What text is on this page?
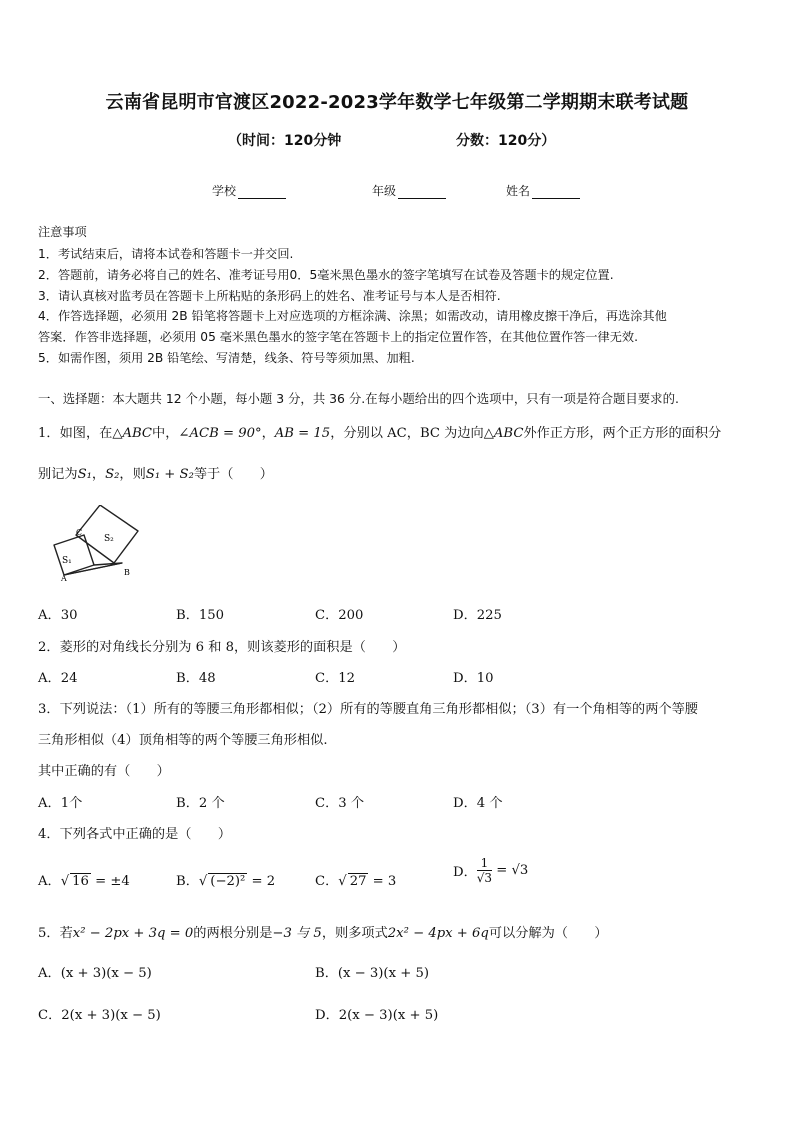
云南省昆明市官渡区2022-2023学年数学七年级第二学期期末联考试题
（时间：120分钟	分数：120分）
学校	年级	姓名
注意事项
1．考试结束后，请将本试卷和答题卡一并交回.
2．答题前，请务必将自己的姓名、准考证号用0．5毫米黑色墨水的签字笔填写在试卷及答题卡的规定位置.
3．请认真核对监考员在答题卡上所粘贴的条形码上的姓名、准考证号与本人是否相符.
4．作答选择题，必须用 2B 铅笔将答题卡上对应选项的方框涂满、涂黑；如需改动，请用橡皮擦干净后，再选涂其他
答案．作答非选择题，必须用 05 毫米黑色墨水的签字笔在答题卡上的指定位置作答，在其他位置作答一律无效.
5．如需作图，须用 2B 铅笔绘、写清楚，线条、符号等须加黑、加粗.
一、选择题：本大题共 12 个小题，每小题 3 分，共 36 分.在每小题给出的四个选项中，只有一项是符合题目要求的.
1．如图，在△ABC中，∠ACB = 90°，AB = 15，分别以 AC，BC 为边向△ABC外作正方形，两个正方形的面积分
别记为S₁，S₂，则S₁ + S₂等于（　　）
S₁
S₂
C
A
B
A．30	B．150	C．200	D．225
2．菱形的对角线长分别为 6 和 8，则该菱形的面积是（　　）
A．24	B．48	C．12	D．10
3．下列说法：（1）所有的等腰三角形都相似；（2）所有的等腰直角三角形都相似；（3）有一个角相等的两个等腰
三角形相似（4）顶角相等的两个等腰三角形相似.
其中正确的有（　　）
A．1个	B．2 个	C．3 个	D．4 个
4．下列各式中正确的是（　　）
A．√ 16 = ±4	B．√ (−2)² = 2	C．√ 27 = 3
D． $\frac{1}{√3} = √3$
5．若x² − 2px + 3q = 0的两根分别是−3 与 5，则多项式2x² − 4px + 6q可以分解为（　　）
A．(x + 3)(x − 5)	B．(x − 3)(x + 5)
C．2(x + 3)(x − 5)	D．2(x − 3)(x + 5)
